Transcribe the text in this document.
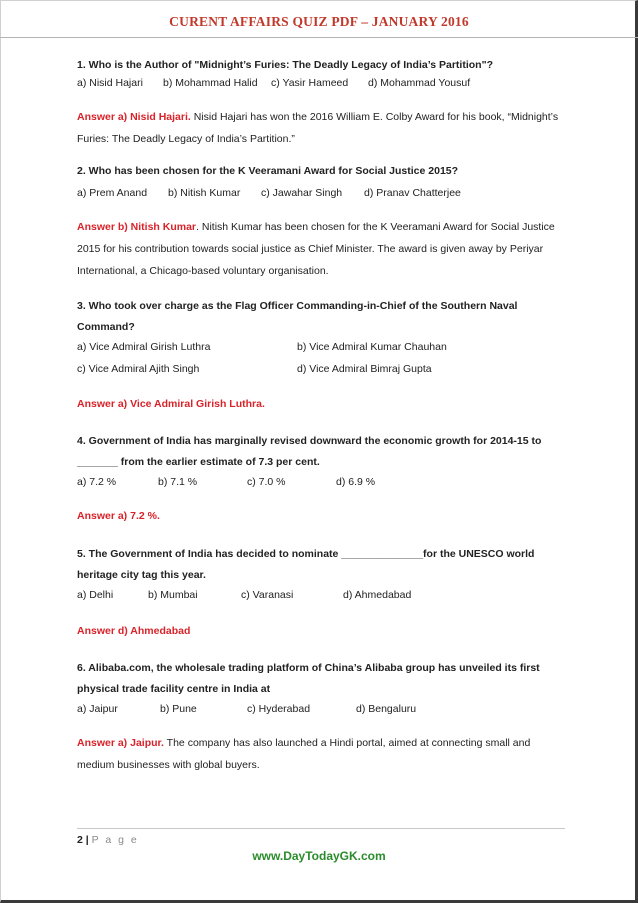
CURENT AFFAIRS QUIZ PDF – JANUARY 2016

1. Who is the Author of "Midnight’s Furies: The Deadly Legacy of India’s Partition"?

a) Nisid Hajari b) Mohammad Halid c) Yasir Hameed d) Mohammad Yousuf

Answer a) Nisid Hajari. Nisid Hajari has won the 2016 William E. Colby Award for his book, “Midnight’s Furies: The Deadly Legacy of India’s Partition.”

2. Who has been chosen for the K Veeramani Award for Social Justice 2015?

a) Prem Anand b) Nitish Kumar c) Jawahar Singh d) Pranav Chatterjee

Answer b) Nitish Kumar. Nitish Kumar has been chosen for the K Veeramani Award for Social Justice 2015 for his contribution towards social justice as Chief Minister. The award is given away by Periyar International, a Chicago-based voluntary organisation.

3. Who took over charge as the Flag Officer Commanding-in-Chief of the Southern Naval
Command?

a) Vice Admiral Girish Luthra	b) Vice Admiral Kumar Chauhan
c) Vice Admiral Ajith Singh	d) Vice Admiral Bimraj Gupta

Answer a) Vice Admiral Girish Luthra.

4. Government of India has marginally revised downward the economic growth for 2014-15 to
_______ from the earlier estimate of 7.3 per cent.

a) 7.2 %	b) 7.1 %	c) 7.0 %	d) 6.9 %

Answer a) 7.2 %.

5. The Government of India has decided to nominate ______________for the UNESCO world
heritage city tag this year.

a) Delhi	b) Mumbai	c) Varanasi	d) Ahmedabad

Answer d) Ahmedabad

6. Alibaba.com, the wholesale trading platform of China’s Alibaba group has unveiled its first
physical trade facility centre in India at

a) Jaipur	b) Pune	c) Hyderabad	d) Bengaluru

Answer a) Jaipur. The company has also launched a Hindi portal, aimed at connecting small and medium businesses with global buyers.

2 | P a g e
www.DayTodayGK.com
